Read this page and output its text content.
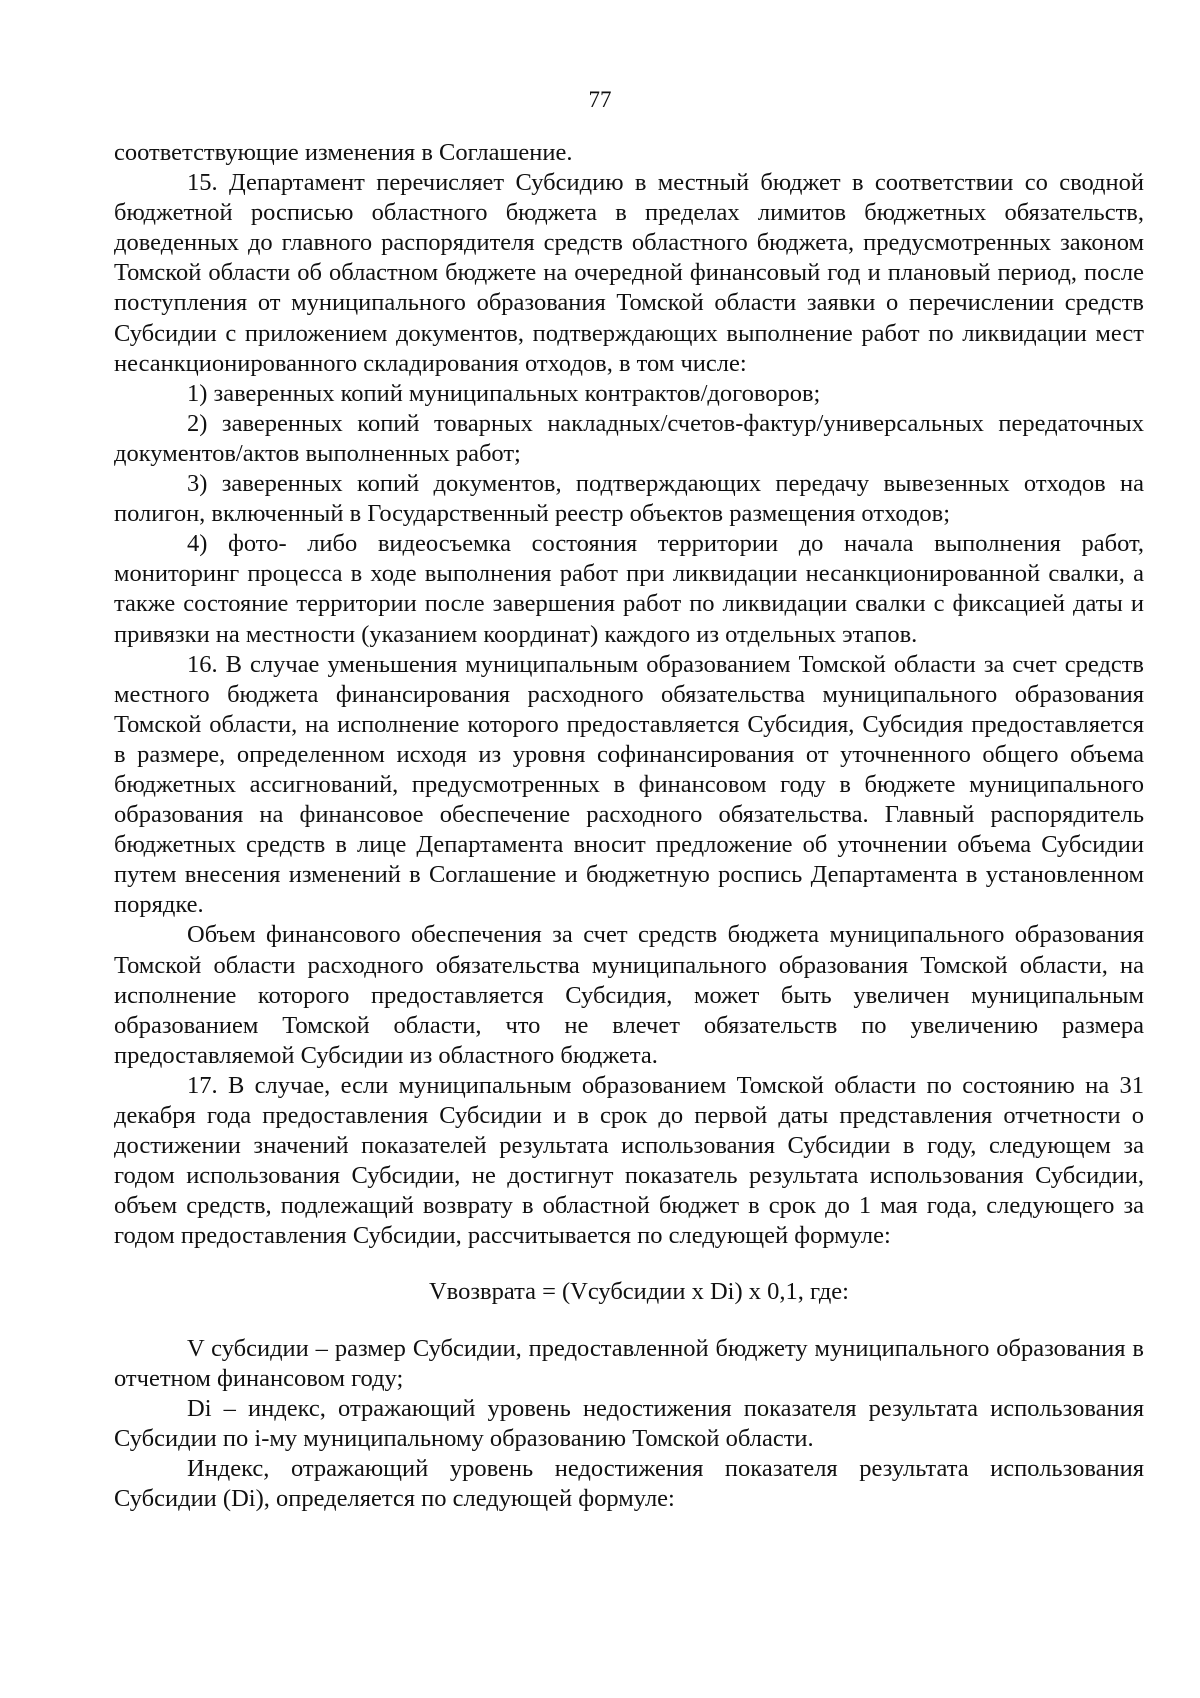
77

соответствующие изменения в Соглашение.

15. Департамент перечисляет Субсидию в местный бюджет в соответствии со сводной бюджетной росписью областного бюджета в пределах лимитов бюджетных обязательств, доведенных до главного распорядителя средств областного бюджета, предусмотренных законом Томской области об областном бюджете на очередной финансовый год и плановый период, после поступления от муниципального образования Томской области заявки о перечислении средств Субсидии с приложением документов, подтверждающих выполнение работ по ликвидации мест несанкционированного складирования отходов, в том числе:

1) заверенных копий муниципальных контрактов/договоров;

2) заверенных копий товарных накладных/счетов-фактур/универсальных передаточных документов/актов выполненных работ;

3) заверенных копий документов, подтверждающих передачу вывезенных отходов на полигон, включенный в Государственный реестр объектов размещения отходов;

4) фото- либо видеосъемка состояния территории до начала выполнения работ, мониторинг процесса в ходе выполнения работ при ликвидации несанкционированной свалки, а также состояние территории после завершения работ по ликвидации свалки с фиксацией даты и привязки на местности (указанием координат) каждого из отдельных этапов.

16. В случае уменьшения муниципальным образованием Томской области за счет средств местного бюджета финансирования расходного обязательства муниципального образования Томской области, на исполнение которого предоставляется Субсидия, Субсидия предоставляется в размере, определенном исходя из уровня софинансирования от уточненного общего объема бюджетных ассигнований, предусмотренных в финансовом году в бюджете муниципального образования на финансовое обеспечение расходного обязательства. Главный распорядитель бюджетных средств в лице Департамента вносит предложение об уточнении объема Субсидии путем внесения изменений в Соглашение и бюджетную роспись Департамента в установленном порядке.

Объем финансового обеспечения за счет средств бюджета муниципального образования Томской области расходного обязательства муниципального образования Томской области, на исполнение которого предоставляется Субсидия, может быть увеличен муниципальным образованием Томской области, что не влечет обязательств по увеличению размера предоставляемой Субсидии из областного бюджета.

17. В случае, если муниципальным образованием Томской области по состоянию на 31 декабря года предоставления Субсидии и в срок до первой даты представления отчетности о достижении значений показателей результата использования Субсидии в году, следующем за годом использования Субсидии, не достигнут показатель результата использования Субсидии, объем средств, подлежащий возврату в областной бюджет в срок до 1 мая года, следующего за годом предоставления Субсидии, рассчитывается по следующей формуле:

Vвозврата = (Vсубсидии x Di) x 0,1, где:

V субсидии – размер Субсидии, предоставленной бюджету муниципального образования в отчетном финансовом году;

Di – индекс, отражающий уровень недостижения показателя результата использования Субсидии по i-му муниципальному образованию Томской области.

Индекс, отражающий уровень недостижения показателя результата использования Субсидии (Di), определяется по следующей формуле:
